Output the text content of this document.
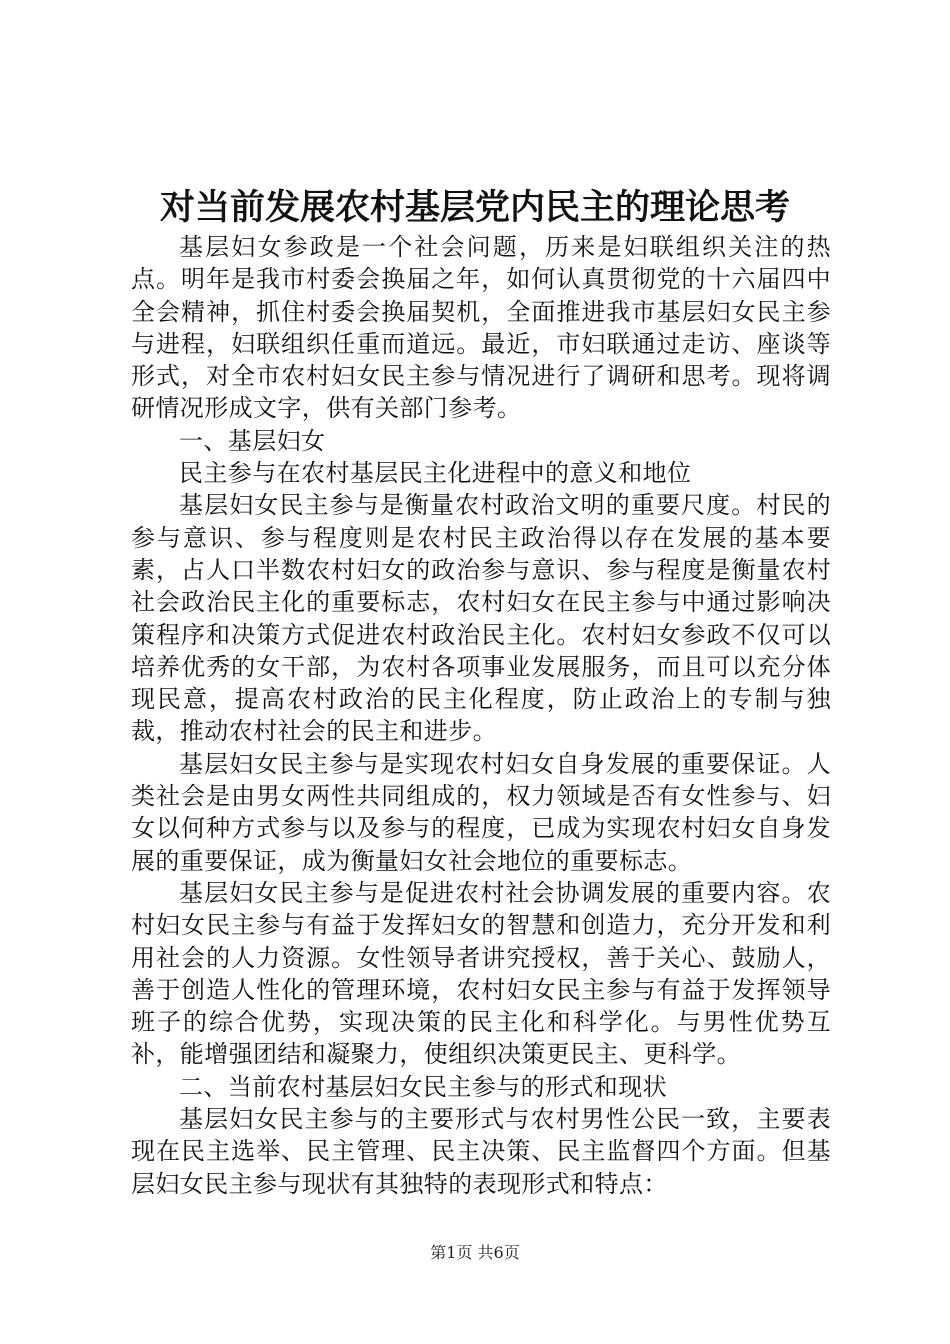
对当前发展农村基层党内民主的理论思考

基层妇女参政是一个社会问题，历来是妇联组织关注的热点。明年是我市村委会换届之年，如何认真贯彻党的十六届四中全会精神，抓住村委会换届契机，全面推进我市基层妇女民主参与进程，妇联组织任重而道远。最近，市妇联通过走访、座谈等形式，对全市农村妇女民主参与情况进行了调研和思考。现将调研情况形成文字，供有关部门参考。

一、基层妇女

民主参与在农村基层民主化进程中的意义和地位

基层妇女民主参与是衡量农村政治文明的重要尺度。村民的参与意识、参与程度则是农村民主政治得以存在发展的基本要素，占人口半数农村妇女的政治参与意识、参与程度是衡量农村社会政治民主化的重要标志，农村妇女在民主参与中通过影响决策程序和决策方式促进农村政治民主化。农村妇女参政不仅可以培养优秀的女干部，为农村各项事业发展服务，而且可以充分体现民意，提高农村政治的民主化程度，防止政治上的专制与独裁，推动农村社会的民主和进步。

基层妇女民主参与是实现农村妇女自身发展的重要保证。人类社会是由男女两性共同组成的，权力领域是否有女性参与、妇女以何种方式参与以及参与的程度，已成为实现农村妇女自身发展的重要保证，成为衡量妇女社会地位的重要标志。

基层妇女民主参与是促进农村社会协调发展的重要内容。农村妇女民主参与有益于发挥妇女的智慧和创造力，充分开发和利用社会的人力资源。女性领导者讲究授权，善于关心、鼓励人，善于创造人性化的管理环境，农村妇女民主参与有益于发挥领导班子的综合优势，实现决策的民主化和科学化。与男性优势互补，能增强团结和凝聚力，使组织决策更民主、更科学。

二、当前农村基层妇女民主参与的形式和现状

基层妇女民主参与的主要形式与农村男性公民一致，主要表现在民主选举、民主管理、民主决策、民主监督四个方面。但基层妇女民主参与现状有其独特的表现形式和特点：

第1页 共6页
